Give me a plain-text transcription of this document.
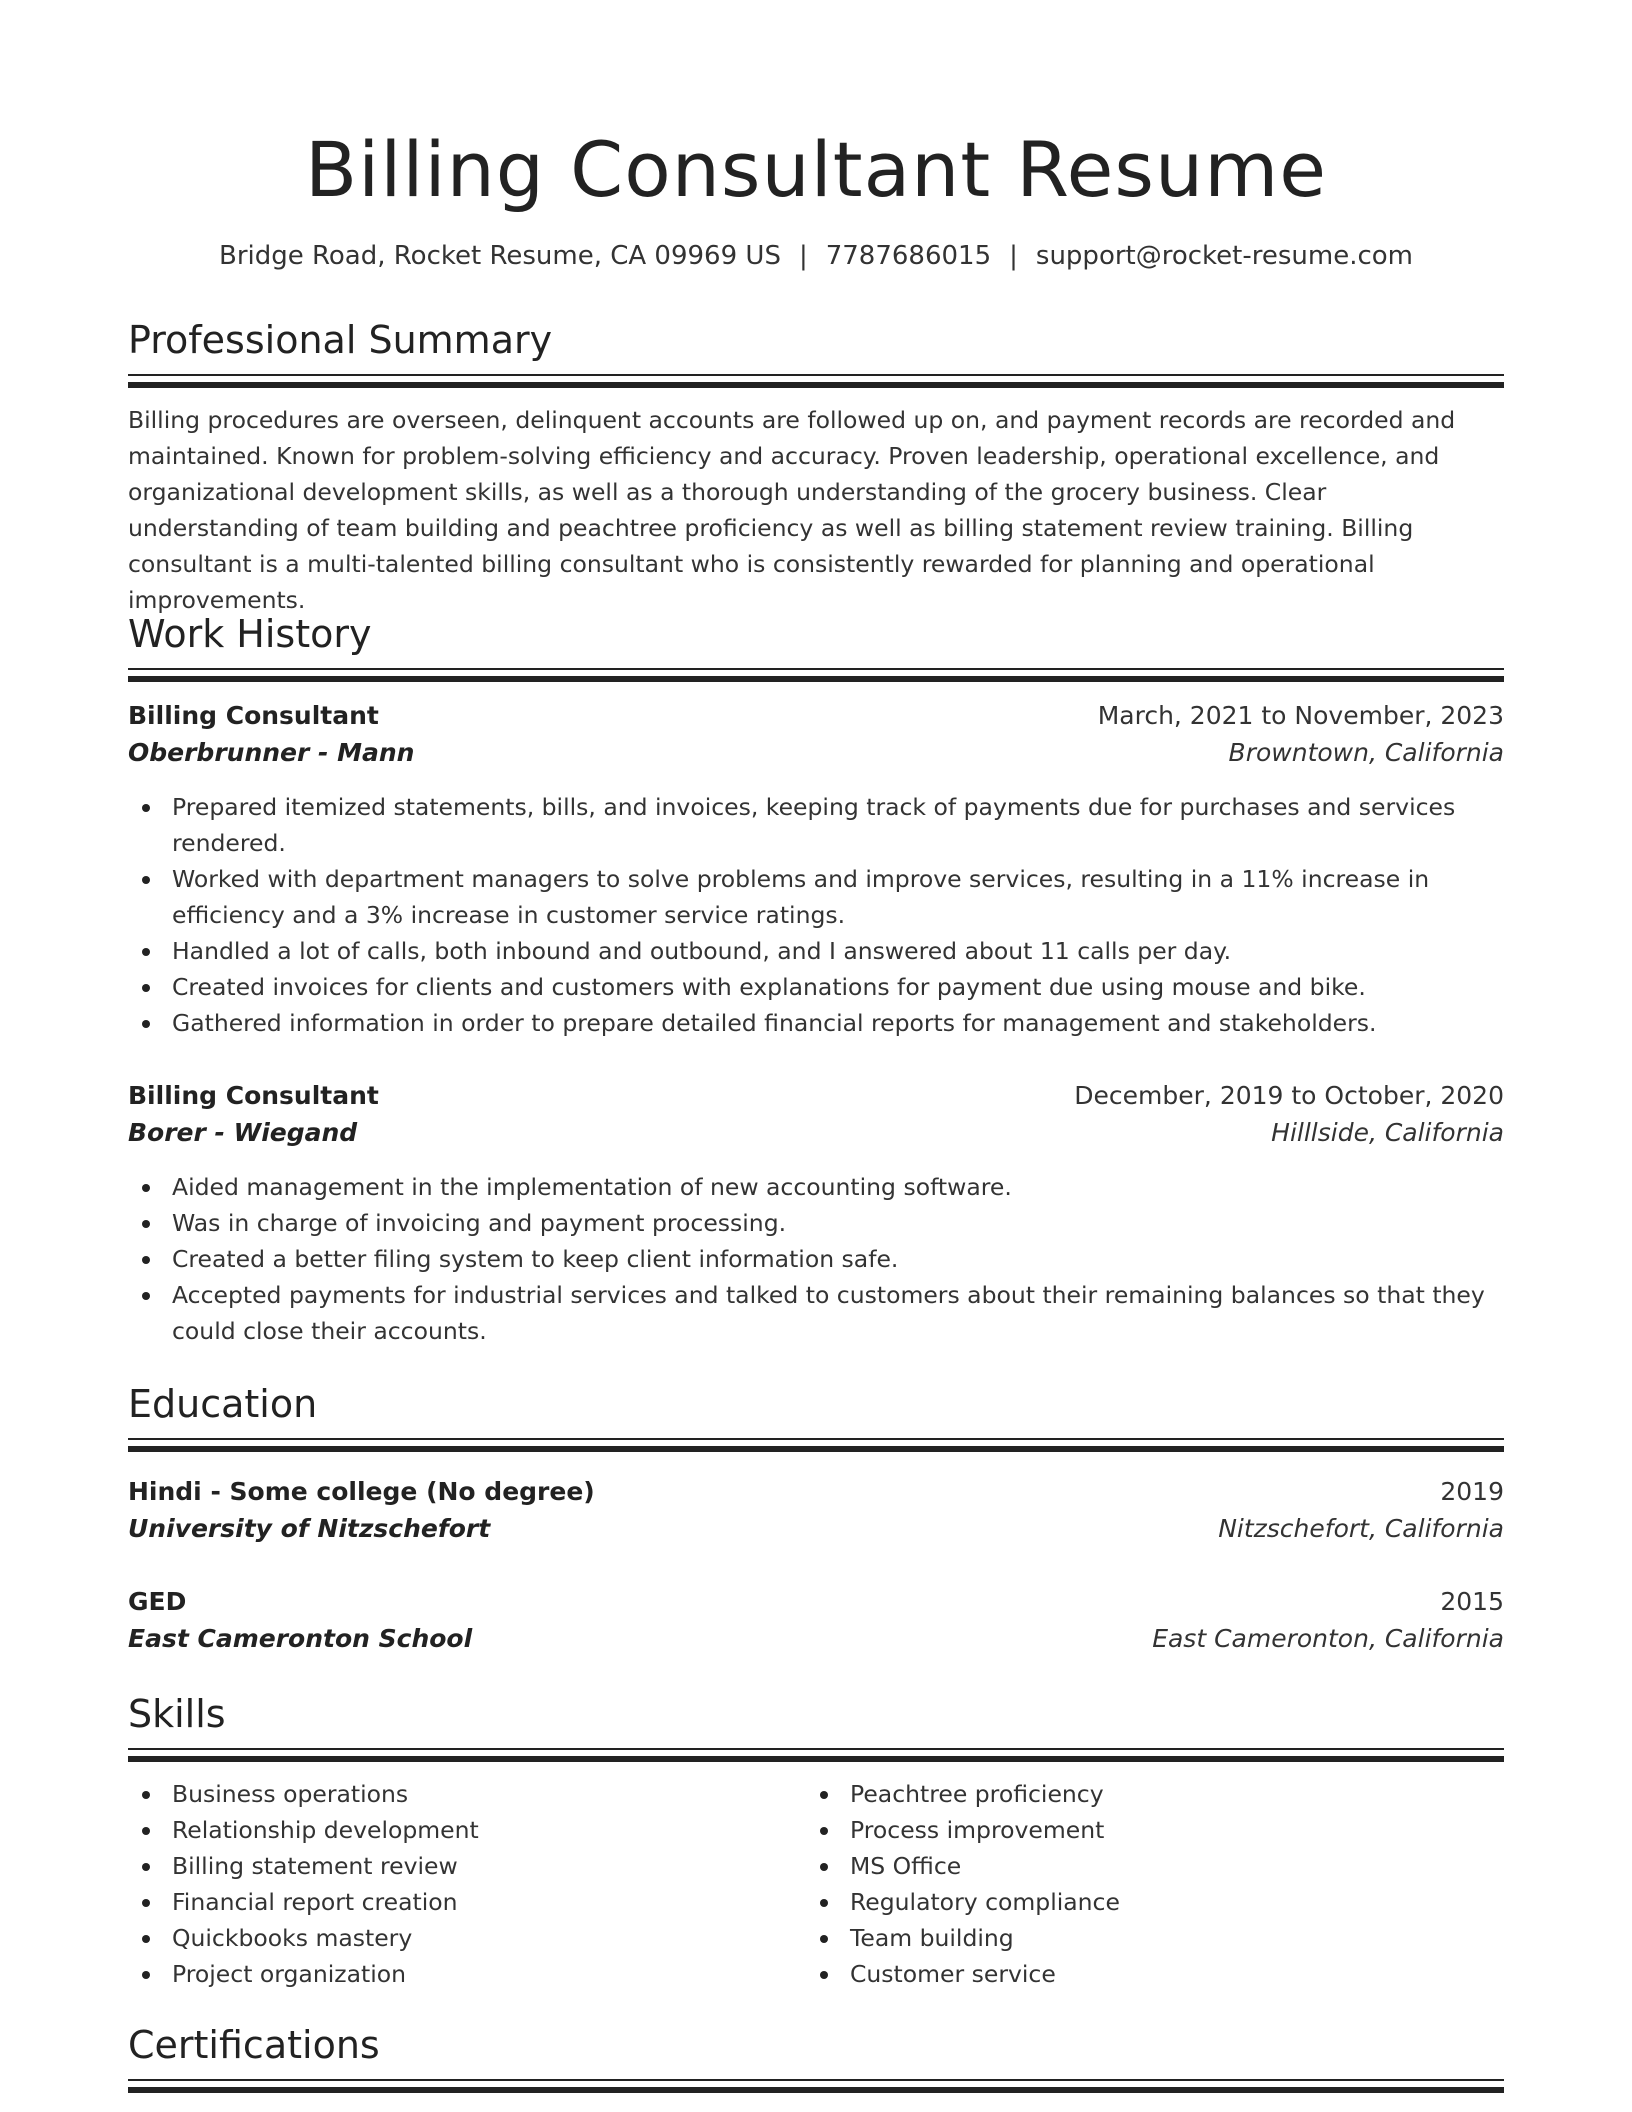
Billing Consultant Resume
Bridge Road, Rocket Resume, CA 09969 US | 7787686015 | support@rocket-resume.com
Professional Summary
Billing procedures are overseen, delinquent accounts are followed up on, and payment records are recorded and maintained. Known for problem-solving efficiency and accuracy. Proven leadership, operational excellence, and organizational development skills, as well as a thorough understanding of the grocery business. Clear understanding of team building and peachtree proficiency as well as billing statement review training. Billing consultant is a multi-talented billing consultant who is consistently rewarded for planning and operational improvements.
Work History
Billing Consultant	March, 2021 to November, 2023
Oberbrunner - Mann	Browntown, California
Prepared itemized statements, bills, and invoices, keeping track of payments due for purchases and services rendered.
Worked with department managers to solve problems and improve services, resulting in a 11% increase in efficiency and a 3% increase in customer service ratings.
Handled a lot of calls, both inbound and outbound, and I answered about 11 calls per day.
Created invoices for clients and customers with explanations for payment due using mouse and bike.
Gathered information in order to prepare detailed financial reports for management and stakeholders.
Billing Consultant	December, 2019 to October, 2020
Borer - Wiegand	Hilllside, California
Aided management in the implementation of new accounting software.
Was in charge of invoicing and payment processing.
Created a better filing system to keep client information safe.
Accepted payments for industrial services and talked to customers about their remaining balances so that they could close their accounts.
Education
Hindi - Some college (No degree)	2019
University of Nitzschefort	Nitzschefort, California
GED	2015
East Cameronton School	East Cameronton, California
Skills
Business operations
Relationship development
Billing statement review
Financial report creation
Quickbooks mastery
Project organization
Peachtree proficiency
Process improvement
MS Office
Regulatory compliance
Team building
Customer service
Certifications
